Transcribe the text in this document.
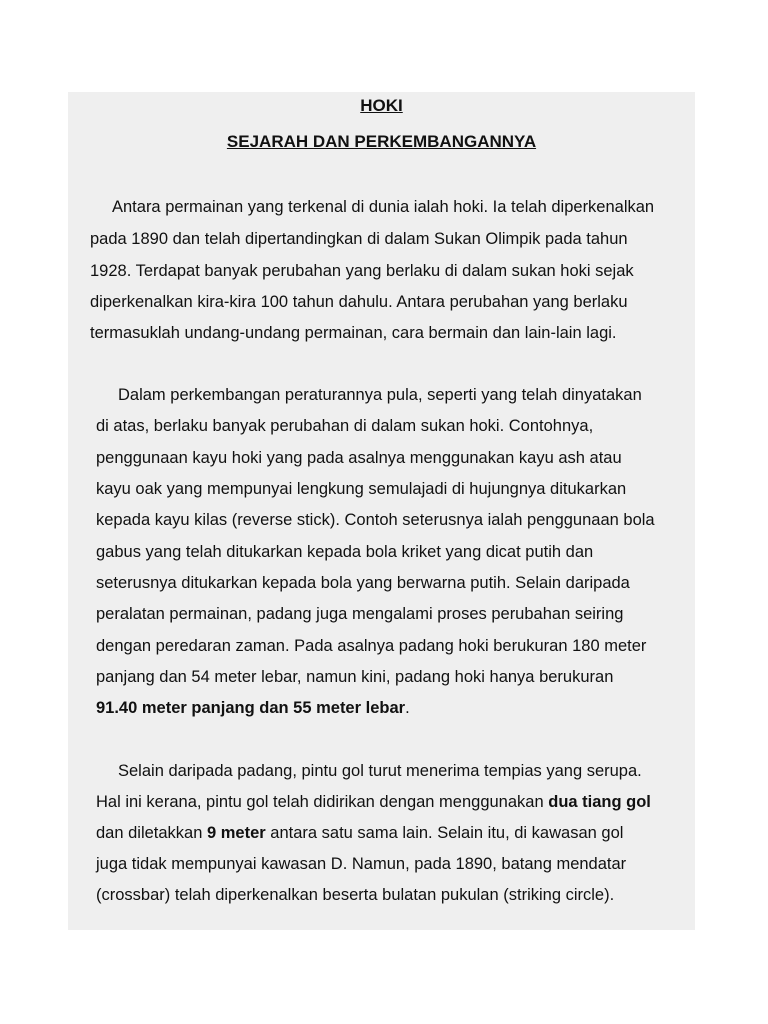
HOKI
SEJARAH DAN PERKEMBANGANNYA

Antara permainan yang terkenal di dunia ialah hoki. Ia telah diperkenalkan

pada 1890 dan telah dipertandingkan di dalam Sukan Olimpik pada tahun

1928. Terdapat banyak perubahan yang berlaku di dalam sukan hoki sejak

diperkenalkan kira-kira 100 tahun dahulu. Antara perubahan yang berlaku

termasuklah undang-undang permainan, cara bermain dan lain-lain lagi.

Dalam perkembangan peraturannya pula, seperti yang telah dinyatakan

di atas, berlaku banyak perubahan di dalam sukan hoki. Contohnya,

penggunaan kayu hoki yang pada asalnya menggunakan kayu ash atau

kayu oak yang mempunyai lengkung semulajadi di hujungnya ditukarkan

kepada kayu kilas (reverse stick). Contoh seterusnya ialah penggunaan bola

gabus yang telah ditukarkan kepada bola kriket yang dicat putih dan

seterusnya ditukarkan kepada bola yang berwarna putih. Selain daripada

peralatan permainan, padang juga mengalami proses perubahan seiring

dengan peredaran zaman. Pada asalnya padang hoki berukuran 180 meter

panjang dan 54 meter lebar, namun kini, padang hoki hanya berukuran

91.40 meter panjang dan 55 meter lebar.

Selain daripada padang, pintu gol turut menerima tempias yang serupa.

Hal ini kerana, pintu gol telah didirikan dengan menggunakan dua tiang gol

dan diletakkan 9 meter antara satu sama lain. Selain itu, di kawasan gol

juga tidak mempunyai kawasan D. Namun, pada 1890, batang mendatar

(crossbar) telah diperkenalkan beserta bulatan pukulan (striking circle).
